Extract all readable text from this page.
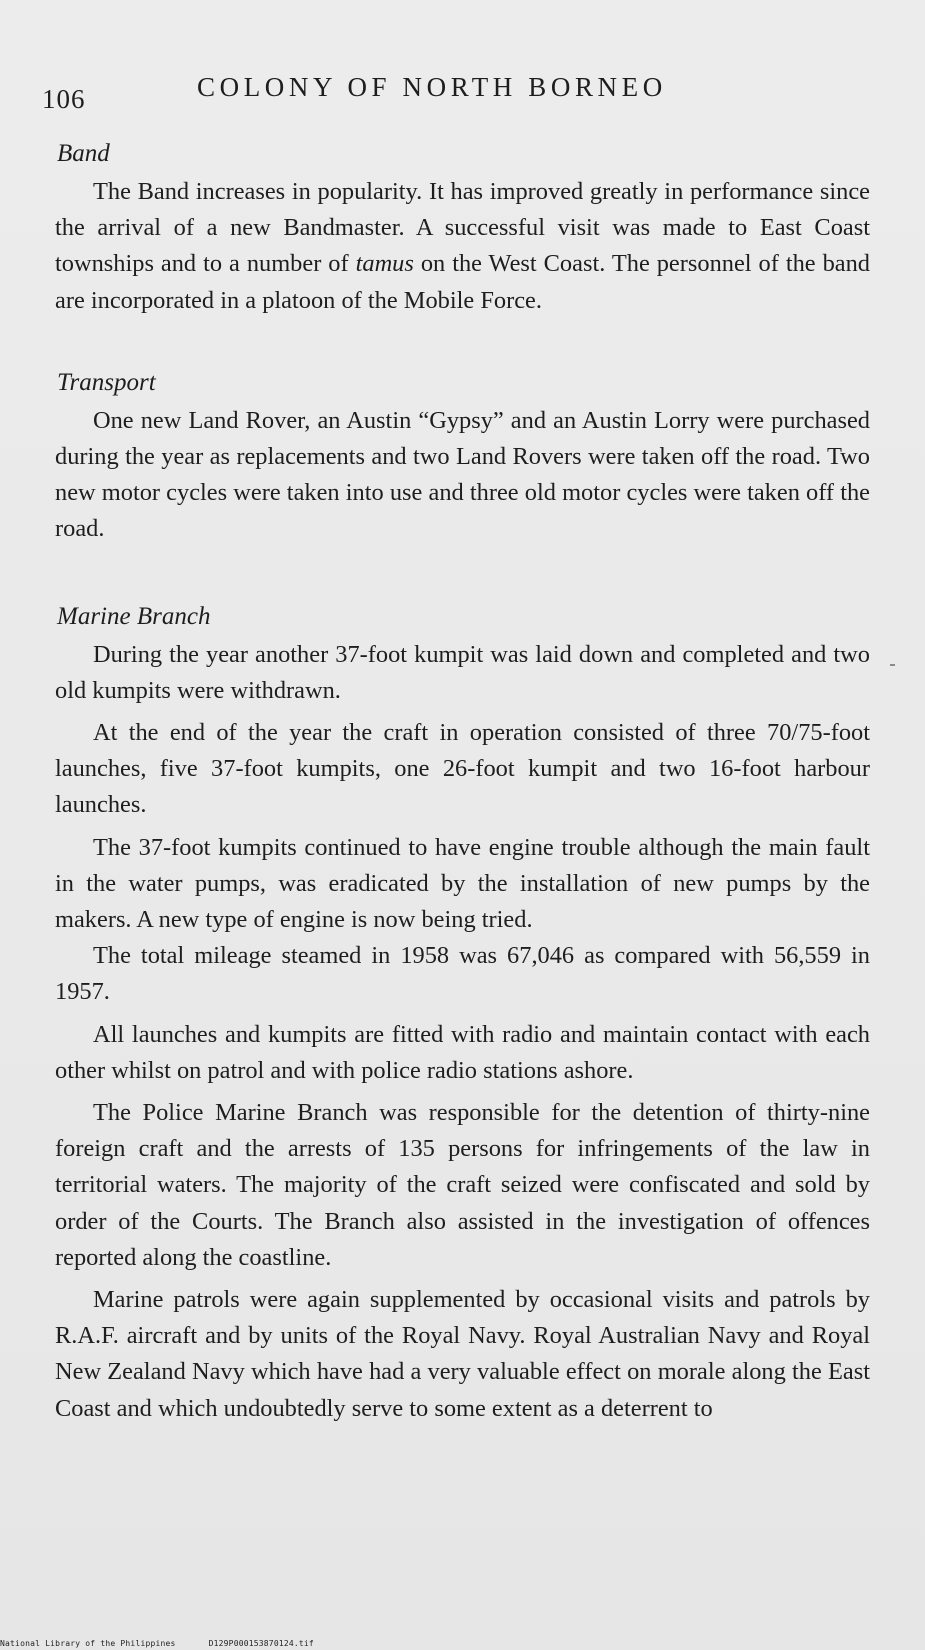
106	COLONY OF NORTH BORNEO
Band

The Band increases in popularity. It has improved greatly in performance since the arrival of a new Bandmaster. A successful visit was made to East Coast townships and to a number of tamus on the West Coast. The personnel of the band are incorporated in a platoon of the Mobile Force.

Transport

One new Land Rover, an Austin “Gypsy” and an Austin Lorry were purchased during the year as replacements and two Land Rovers were taken off the road. Two new motor cycles were taken into use and three old motor cycles were taken off the road.

Marine Branch

During the year another 37-foot kumpit was laid down and completed and two old kumpits were withdrawn.

At the end of the year the craft in operation consisted of three 70/75-foot launches, five 37-foot kumpits, one 26-foot kumpit and two 16-foot harbour launches.

The 37-foot kumpits continued to have engine trouble although the main fault in the water pumps, was eradicated by the installation of new pumps by the makers. A new type of engine is now being tried.

The total mileage steamed in 1958 was 67,046 as compared with 56,559 in 1957.

All launches and kumpits are fitted with radio and maintain contact with each other whilst on patrol and with police radio stations ashore.

The Police Marine Branch was responsible for the detention of thirty-nine foreign craft and the arrests of 135 persons for infringements of the law in territorial waters. The majority of the craft seized were confiscated and sold by order of the Courts. The Branch also assisted in the investigation of offences reported along the coastline.

Marine patrols were again supplemented by occasional visits and patrols by R.A.F. aircraft and by units of the Royal Navy. Royal Australian Navy and Royal New Zealand Navy which have had a very valuable effect on morale along the East Coast and which undoubtedly serve to some extent as a deterrent to

National Library of the Philippines	D129P000153870124.tif
